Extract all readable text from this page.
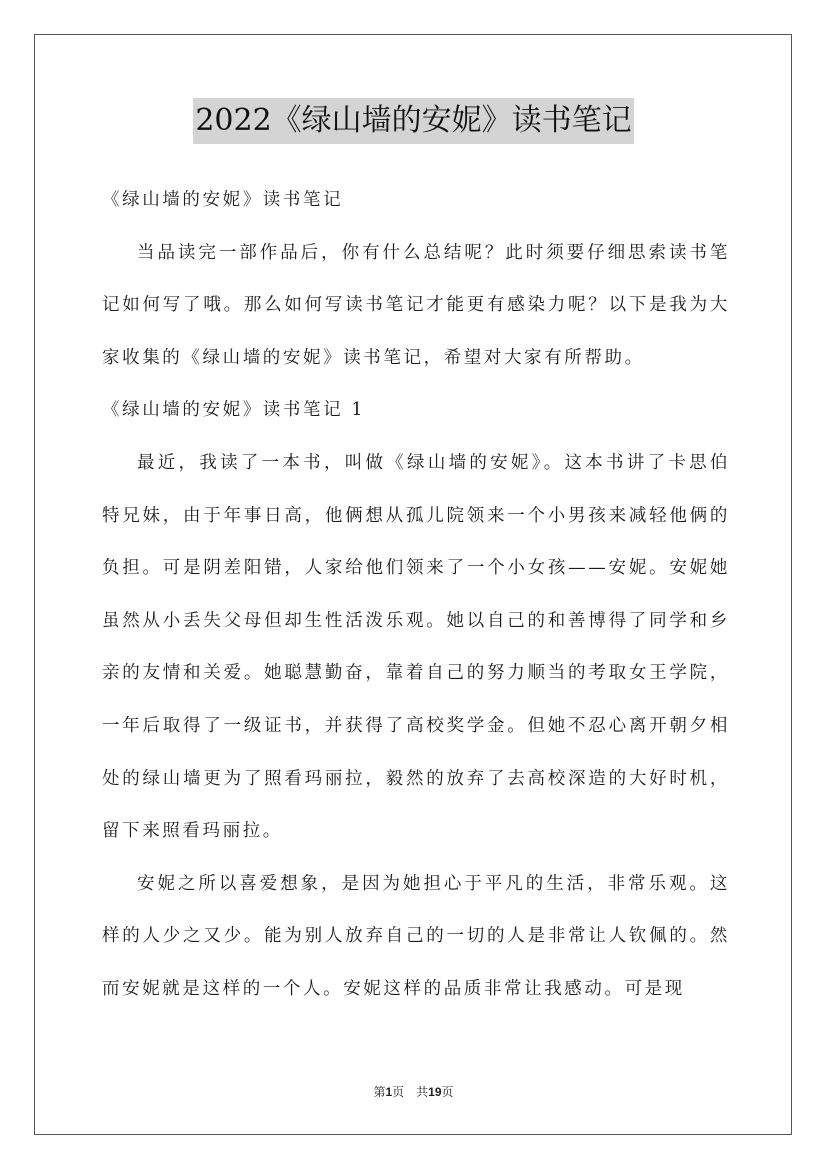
2022《绿山墙的安妮》读书笔记

《绿山墙的安妮》读书笔记

当品读完一部作品后，你有什么总结呢？此时须要仔细思索读书笔记如何写了哦。那么如何写读书笔记才能更有感染力呢？以下是我为大家收集的《绿山墙的安妮》读书笔记，希望对大家有所帮助。

《绿山墙的安妮》读书笔记 1

最近，我读了一本书，叫做《绿山墙的安妮》。这本书讲了卡思伯特兄妹，由于年事日高，他俩想从孤儿院领来一个小男孩来减轻他俩的负担。可是阴差阳错，人家给他们领来了一个小女孩——安妮。安妮她虽然从小丢失父母但却生性活泼乐观。她以自己的和善博得了同学和乡亲的友情和关爱。她聪慧勤奋，靠着自己的努力顺当的考取女王学院，一年后取得了一级证书，并获得了高校奖学金。但她不忍心离开朝夕相处的绿山墙更为了照看玛丽拉，毅然的放弃了去高校深造的大好时机，留下来照看玛丽拉。

安妮之所以喜爱想象，是因为她担心于平凡的生活，非常乐观。这样的人少之又少。能为别人放弃自己的一切的人是非常让人钦佩的。然而安妮就是这样的一个人。安妮这样的品质非常让我感动。可是现

第1页 共19页
